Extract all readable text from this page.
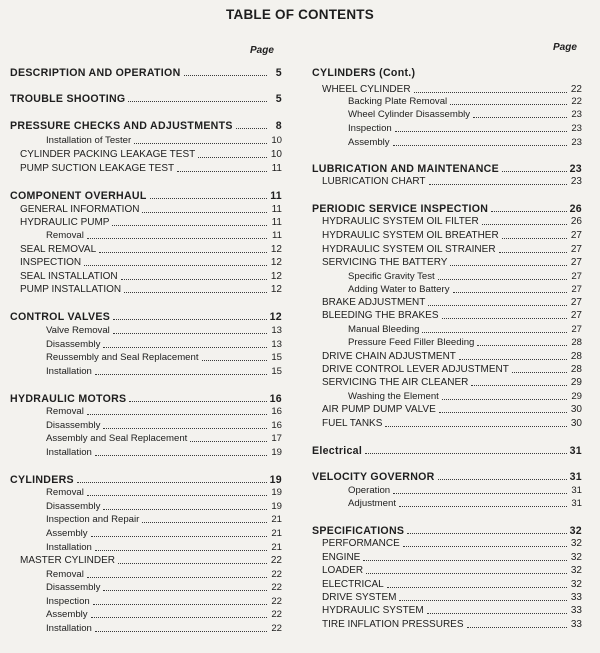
TABLE OF CONTENTS
Page
DESCRIPTION AND OPERATION	5
TROUBLE SHOOTING	5
PRESSURE CHECKS AND ADJUSTMENTS	8
Installation of Tester	10
CYLINDER PACKING LEAKAGE TEST	10
PUMP SUCTION LEAKAGE TEST	11
COMPONENT OVERHAUL	11
GENERAL INFORMATION	11
HYDRAULIC PUMP	11
Removal	11
SEAL REMOVAL	12
INSPECTION	12
SEAL INSTALLATION	12
PUMP INSTALLATION	12
CONTROL VALVES	12
Valve Removal	13
Disassembly	13
Reussembly and Seal Replacement	15
Installation	15
HYDRAULIC MOTORS	16
Removal	16
Disassembly	16
Assembly and Seal Replacement	17
Installation	19
CYLINDERS	19
Removal	19
Disassembly	19
Inspection and Repair	21
Assembly	21
Installation	21
MASTER CYLINDER	22
Removal	22
Disassembly	22
Inspection	22
Assembly	22
Installation	22
Page
CYLINDERS (Cont.)
WHEEL CYLINDER	22
Backing Plate Removal	22
Wheel Cylinder Disassembly	23
Inspection	23
Assembly	23
LUBRICATION AND MAINTENANCE	23
LUBRICATION CHART	23
PERIODIC SERVICE INSPECTION	26
HYDRAULIC SYSTEM OIL FILTER	26
HYDRAULIC SYSTEM OIL BREATHER	27
HYDRAULIC SYSTEM OIL STRAINER	27
SERVICING THE BATTERY	27
Specific Gravity Test	27
Adding Water to Battery	27
BRAKE ADJUSTMENT	27
BLEEDING THE BRAKES	27
Manual Bleeding	27
Pressure Feed Filler Bleeding	28
DRIVE CHAIN ADJUSTMENT	28
DRIVE CONTROL LEVER ADJUSTMENT	28
SERVICING THE AIR CLEANER	29
Washing the Element	29
AIR PUMP DUMP VALVE	30
FUEL TANKS	30
Electrical	31
VELOCITY GOVERNOR	31
Operation	31
Adjustment	31
SPECIFICATIONS	32
PERFORMANCE	32
ENGINE	32
LOADER	32
ELECTRICAL	32
DRIVE SYSTEM	33
HYDRAULIC SYSTEM	33
TIRE INFLATION PRESSURES	33
